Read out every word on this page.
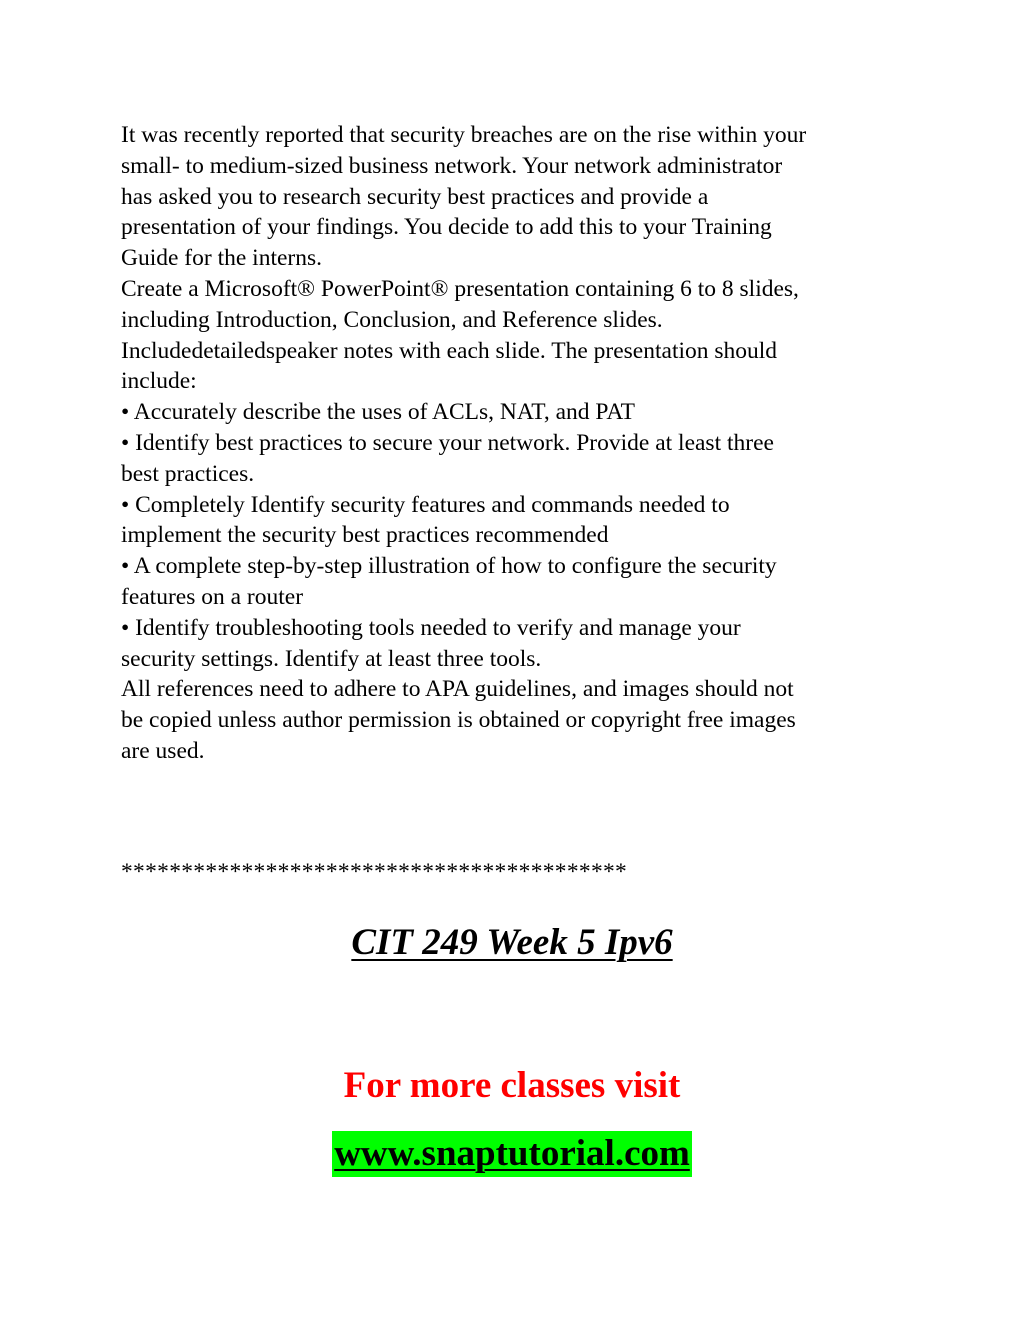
It was recently reported that security breaches are on the rise within your
small- to medium-sized business network. Your network administrator
has asked you to research security best practices and provide a
presentation of your findings. You decide to add this to your Training
Guide for the interns.
Create a Microsoft® PowerPoint® presentation containing 6 to 8 slides,
including Introduction, Conclusion, and Reference slides.
Includedetailedspeaker notes with each slide. The presentation should
include:
• Accurately describe the uses of ACLs, NAT, and PAT
• Identify best practices to secure your network. Provide at least three
best practices.
• Completely Identify security features and commands needed to
implement the security best practices recommended
• A complete step-by-step illustration of how to configure the security
features on a router
• Identify troubleshooting tools needed to verify and manage your
security settings. Identify at least three tools.
All references need to adhere to APA guidelines, and images should not
be copied unless author permission is obtained or copyright free images
are used.
******************************************
CIT 249 Week 5 Ipv6
For more classes visit
www.snaptutorial.com
